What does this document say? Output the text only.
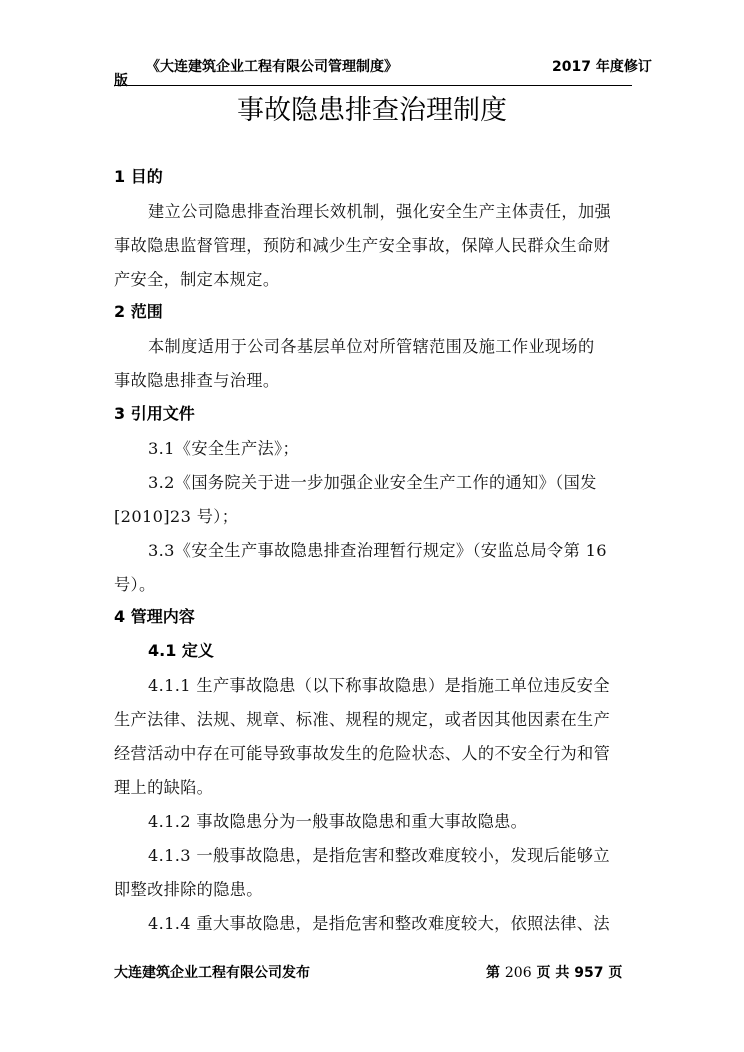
《大连建筑企业工程有限公司管理制度》	2017 年度修订
版
事故隐患排查治理制度
1 目的
建立公司隐患排查治理长效机制，强化安全生产主体责任，加强
事故隐患监督管理，预防和减少生产安全事故，保障人民群众生命财
产安全，制定本规定。
2 范围
本制度适用于公司各基层单位对所管辖范围及施工作业现场的
事故隐患排查与治理。
3 引用文件
3.1《安全生产法》；
3.2《国务院关于进一步加强企业安全生产工作的通知》（国发
[2010]23 号）；
3.3《安全生产事故隐患排查治理暂行规定》（安监总局令第 16
号）。
4 管理内容
4.1 定义
4.1.1 生产事故隐患（以下称事故隐患）是指施工单位违反安全
生产法律、法规、规章、标准、规程的规定，或者因其他因素在生产
经营活动中存在可能导致事故发生的危险状态、人的不安全行为和管
理上的缺陷。
4.1.2 事故隐患分为一般事故隐患和重大事故隐患。
4.1.3 一般事故隐患，是指危害和整改难度较小，发现后能够立
即整改排除的隐患。
4.1.4 重大事故隐患，是指危害和整改难度较大，依照法律、法
大连建筑企业工程有限公司发布	第 206 页 共 957 页
